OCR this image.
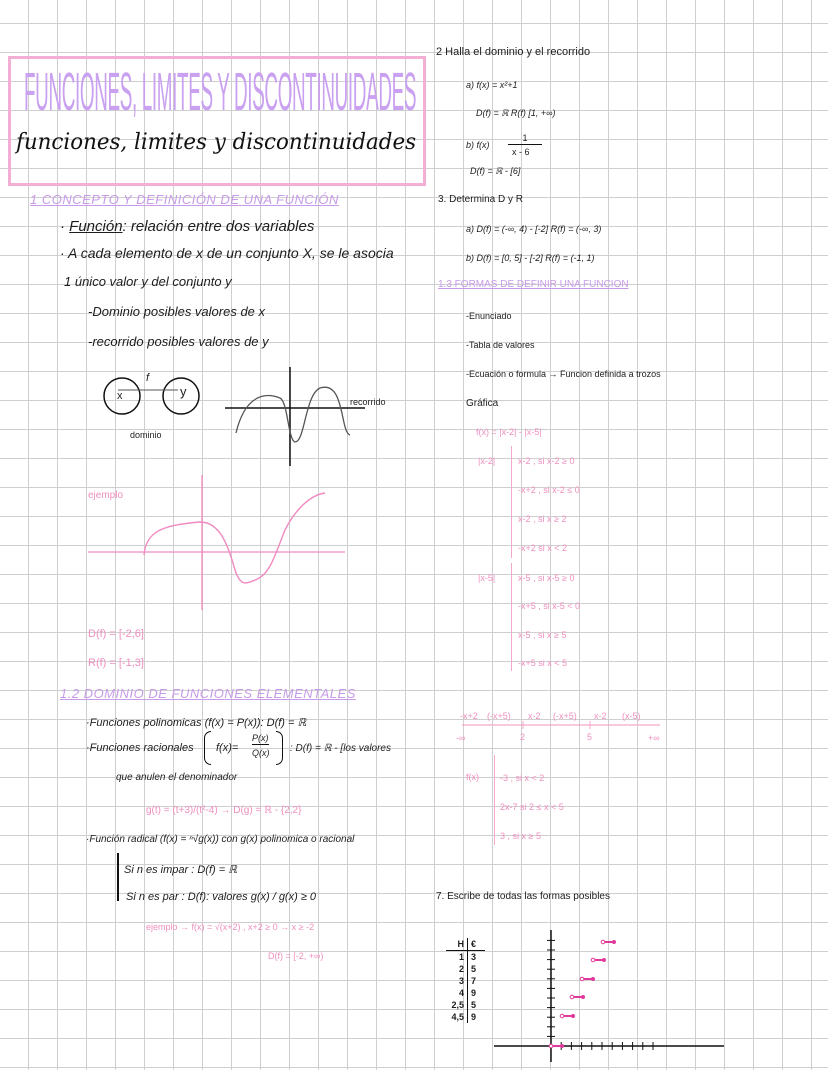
FUNCIONES, LIMITES Y DISCONTINUIDADES
funciones, limites y discontinuidades
1 CONCEPTO Y DEFINICIÓN DE UNA FUNCIÓN
· Función: relación entre dos variables
· A cada elemento de x de un conjunto X, se le asocia
1 único valor y del conjunto y
-Dominio posibles valores de x
-recorrido posibles valores de y
x	y
f
dominio
recorrido
ejemplo
D(f) = [-2,6]
R(f) = [-1,3]
1.2 DOMINIO DE FUNCIONES ELEMENTALES
·Funciones polinomicas (f(x) = P(x)): D(f) = ℝ
·Funciones racionales f(x)=
P(x)
Q(x) : D(f) = ℝ - [los valores
que anulen el denominador
g(t) = (t+3)/(t²-4) → D(g) = ℝ - {2,2}
·Función radical (f(x) = ⁿ√g(x)) con g(x) polinomica o racional
Si n es impar : D(f) = ℝ
Si n es par : D(f): valores g(x) / g(x) ≥ 0
ejemplo → f(x) = √(x+2) , x+2 ≥ 0 → x ≥ -2
D(f) = [-2, +∞)
2 Halla el dominio y el recorrido
a) f(x) = x²+1
D(f) = ℝ R(f) [1, +∞)
b) f(x)
1
x - 6
D(f) = ℝ - [6]
3. Determina D y R
a) D(f) = (-∞, 4) - [-2] R(f) = (-∞, 3)
b) D(f) = [0, 5] - [-2] R(f) = (-1, 1)
1.3 FORMAS DE DEFINIR UNA FUNCION
-Enunciado
-Tabla de valores
-Ecuación o formula → Funcion definida a trozos
Gráfica
f(x) = |x-2| - |x-5|
|x-2|	x-2 , si x-2 ≥ 0
-x+2 , si x-2 ≤ 0
x-2 , si x ≥ 2
-x+2 si x < 2
|x-5|	x-5 , si x-5 ≥ 0
-x+5 , si x-5 < 0
x-5 , si x ≥ 5
-x+5 si x < 5
-x+2 (-x+5) x-2 (-x+5) x-2 (x-5)
-∞	2	5	+∞
f(x) -3 , si x < 2
2x-7 si 2 ≤ x < 5
3 , si x ≥ 5
7. Escribe de todas las formas posibles
H €
1 3
2 5
3 7
4 9
2,5 5
4,5 9
